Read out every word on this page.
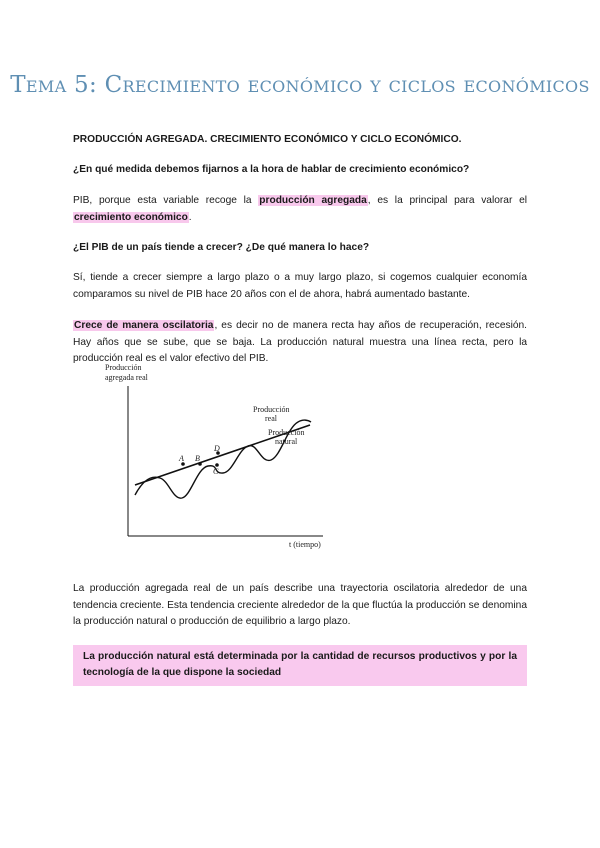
Tema 5: Crecimiento económico y ciclos económicos
PRODUCCIÓN AGREGADA. CRECIMIENTO ECONÓMICO Y CICLO ECONÓMICO.
¿En qué medida debemos fijarnos a la hora de hablar de crecimiento económico?
PIB, porque esta variable recoge la producción agregada, es la principal para valorar el crecimiento económico.
¿El PIB de un país tiende a crecer? ¿De qué manera lo hace?
Sí, tiende a crecer siempre a largo plazo o a muy largo plazo, si cogemos cualquier economía comparamos su nivel de PIB hace 20 años con el de ahora, habrá aumentado bastante.
Crece de manera oscilatoria, es decir no de manera recta hay años de recuperación, recesión. Hay años que se sube, que se baja. La producción natural muestra una línea recta, pero la producción real es el valor efectivo del PIB.
Producción
agregada real
t (tiempo)
A B
C
D
Producción
real
Producción
natural
La producción agregada real de un país describe una trayectoria oscilatoria alrededor de una tendencia creciente. Esta tendencia creciente alrededor de la que fluctúa la producción se denomina la producción natural o producción de equilibrio a largo plazo.
La producción natural está determinada por la cantidad de recursos productivos y por la tecnología de la que dispone la sociedad
